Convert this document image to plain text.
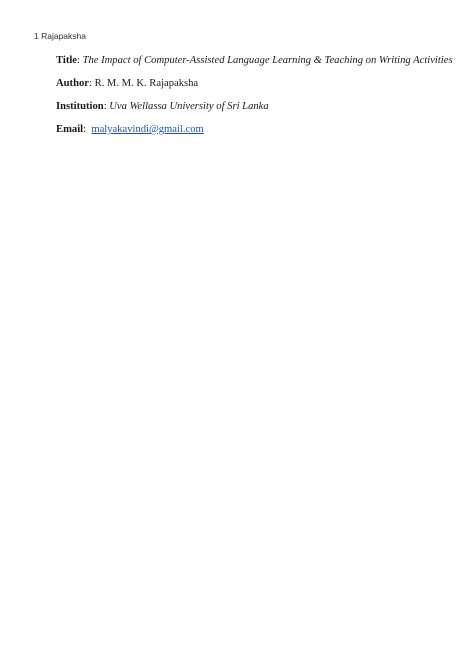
1 Rajapaksha
Title: The Impact of Computer-Assisted Language Learning & Teaching on Writing Activities
Author: R. M. M. K. Rajapaksha
Institution: Uva Wellassa University of Sri Lanka
Email:  malyakavindi@gmail.com
